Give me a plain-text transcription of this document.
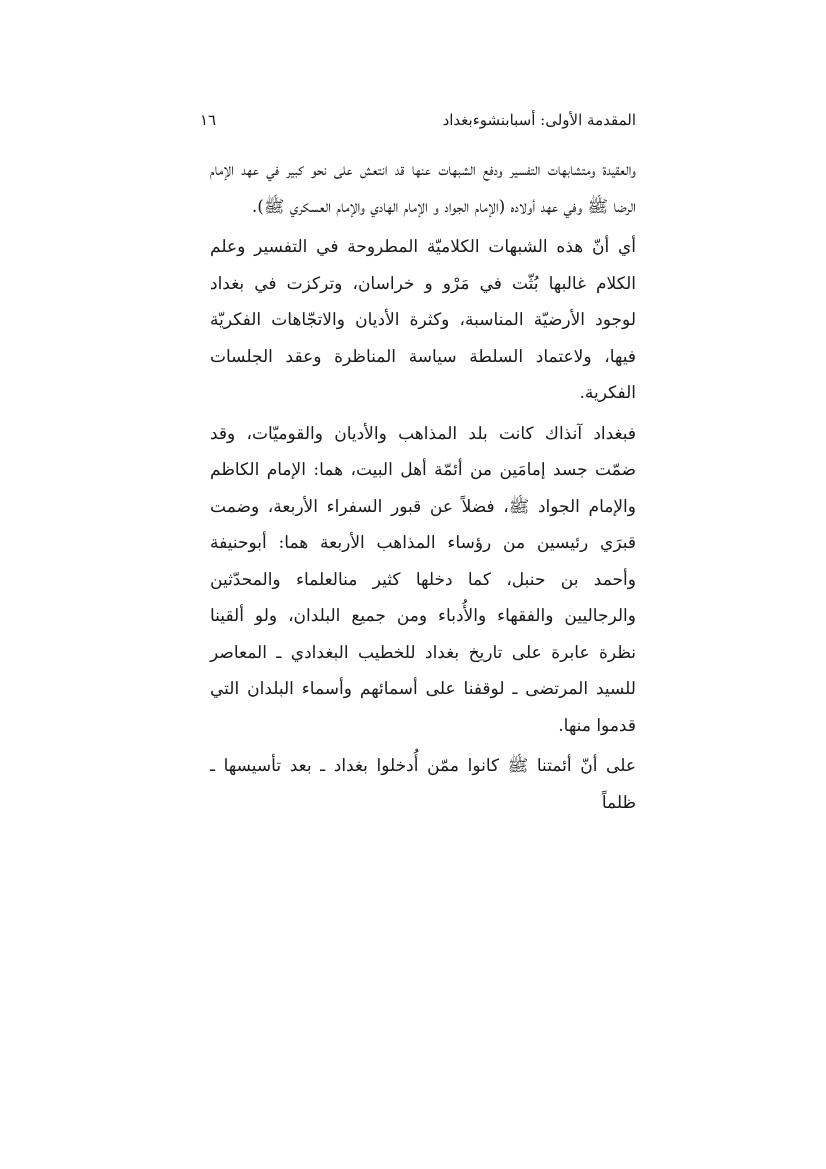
المقدمة الأولى: أسبابنشوءبغداد
١٦

والعقيدة ومتشابهات التفسير ودفع الشبهات عنها قد انتعش على نحو كبير في عهد الإمام الرضا ﷺ وفي عهد أولاده (الإمام الجواد و الإمام الهادي والإمام العسكري ﷺ).

أي أنّ هذه الشبهات الكلاميّة المطروحة في التفسير وعلم الكلام غالبها بُثّت في مَرْو و خراسان، وتركزت في بغداد لوجود الأرضيّة المناسبة، وكثرة الأديان والاتجّاهات الفكريّة فيها، ولاعتماد السلطة سياسة المناظرة وعقد الجلسات الفكرية.

فبغداد آنذاك كانت بلد المذاهب والأديان والقوميّات، وقد ضمّت جسد إمامَين من أئمّة أهل البيت، هما: الإمام الكاظم والإمام الجواد ﷺ، فضلاً عن قبور السفراء الأربعة، وضمت قبرَي رئيسين من رؤساء المذاهب الأربعة هما: أبوحنيفة وأحمد بن حنبل، كما دخلها كثير منالعلماء والمحدّثين والرجاليين والفقهاء والأُدباء ومن جميع البلدان، ولو ألقينا نظرة عابرة على تاريخ بغداد للخطيب البغدادي ـ المعاصر للسيد المرتضى ـ لوقفنا على أسمائهم وأسماء البلدان التي قدموا منها.

على أنّ أئمتنا ﷺ كانوا ممّن أُدخلوا بغداد ـ بعد تأسيسها ـ ظلماً
